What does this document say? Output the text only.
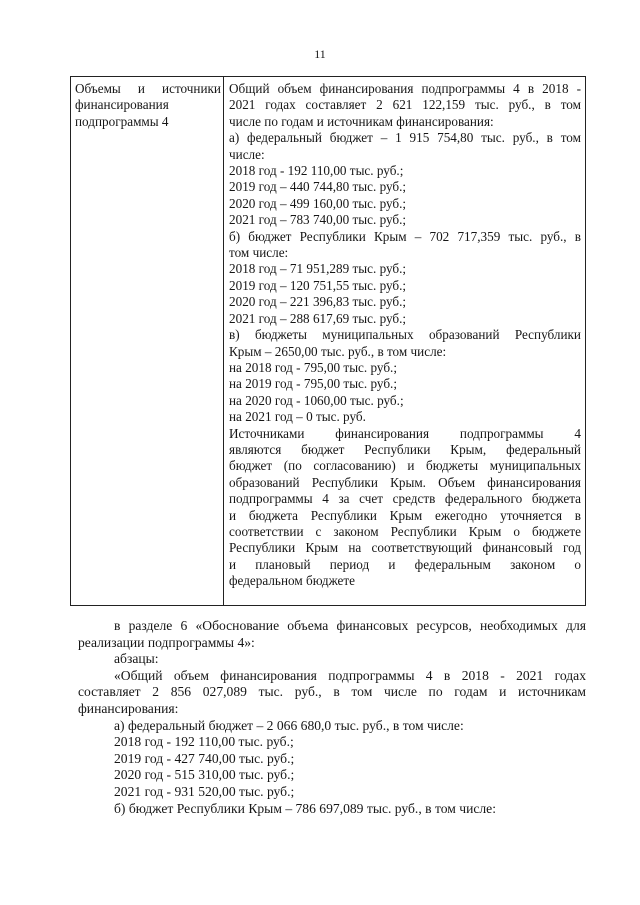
11
Объемы и источники
финансирования
подпрограммы 4
Общий объем финансирования подпрограммы 4 в 2018 -
2021 годах составляет 2 621 122,159 тыс. руб., в том
числе по годам и источникам финансирования:
а) федеральный бюджет – 1 915 754,80 тыс. руб., в том
числе:
2018 год - 192 110,00 тыс. руб.;
2019 год – 440 744,80 тыс. руб.;
2020 год – 499 160,00 тыс. руб.;
2021 год – 783 740,00 тыс. руб.;
б) бюджет Республики Крым – 702 717,359 тыс. руб., в
том числе:
2018 год – 71 951,289 тыс. руб.;
2019 год – 120 751,55 тыс. руб.;
2020 год – 221 396,83 тыс. руб.;
2021 год – 288 617,69 тыс. руб.;
в) бюджеты муниципальных образований Республики
Крым – 2650,00 тыс. руб., в том числе:
на 2018 год - 795,00 тыс. руб.;
на 2019 год - 795,00 тыс. руб.;
на 2020 год - 1060,00 тыс. руб.;
на 2021 год – 0 тыс. руб.
Источниками финансирования подпрограммы 4
являются бюджет Республики Крым, федеральный
бюджет (по согласованию) и бюджеты муниципальных
образований Республики Крым. Объем финансирования
подпрограммы 4 за счет средств федерального бюджета
и бюджета Республики Крым ежегодно уточняется в
соответствии с законом Республики Крым о бюджете
Республики Крым на соответствующий финансовый год
и плановый период и федеральным законом о
федеральном бюджете
в разделе 6 «Обоснование объема финансовых ресурсов, необходимых для
реализации подпрограммы 4»:
абзацы:
«Общий объем финансирования подпрограммы 4 в 2018 - 2021 годах
составляет 2 856 027,089 тыс. руб., в том числе по годам и источникам
финансирования:
а) федеральный бюджет – 2 066 680,0 тыс. руб., в том числе:
2018 год - 192 110,00 тыс. руб.;
2019 год - 427 740,00 тыс. руб.;
2020 год - 515 310,00 тыс. руб.;
2021 год - 931 520,00 тыс. руб.;
б) бюджет Республики Крым – 786 697,089 тыс. руб., в том числе:
